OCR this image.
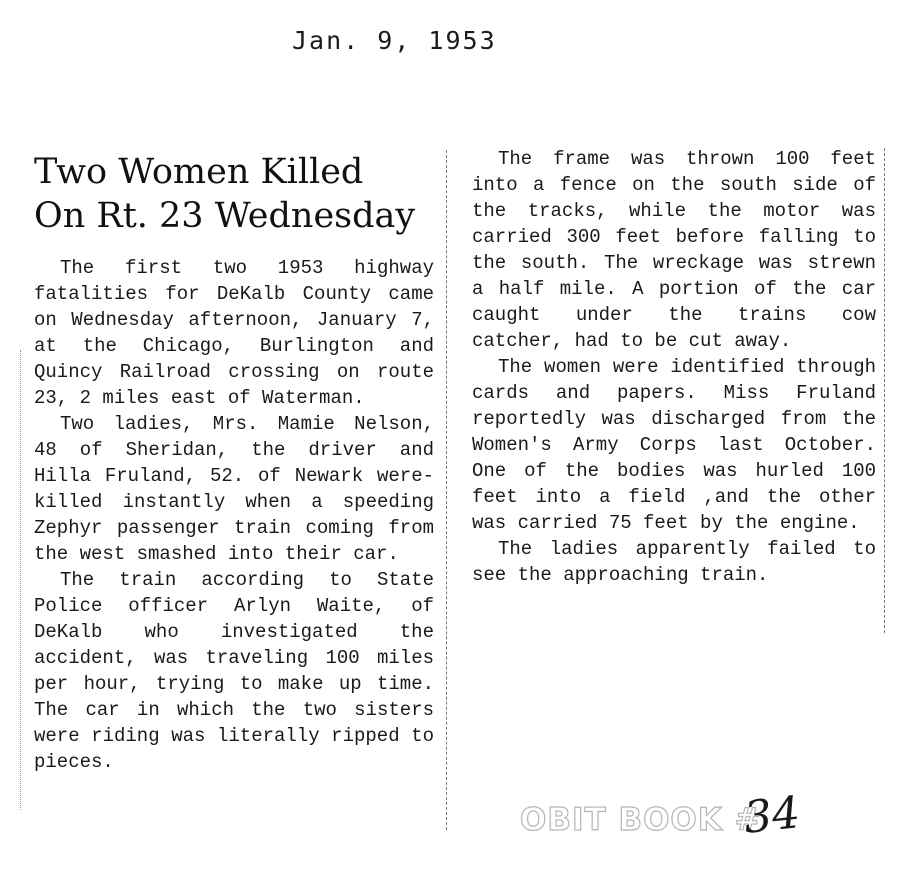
Jan. 9, 1953
Two Women Killed
On Rt. 23 Wednesday

The first two 1953 highway fatalities for DeKalb County came on Wednesday afternoon, January 7, at the Chicago, Burlington and Quincy Railroad crossing on route 23, 2 miles east of Waterman.

Two ladies, Mrs. Mamie Nelson, 48 of Sheridan, the driver and Hilla Fruland, 52. of Newark were- killed instantly when a speeding Zephyr passenger train coming from the west smashed into their car.

The train according to State Police officer Arlyn Waite, of DeKalb who investigated the accident, was traveling 100 miles per hour, trying to make up time. The car in which the two sisters were riding was literally ripped to pieces.

The frame was thrown 100 feet into a fence on the south side of the tracks, while the motor was carried 300 feet before falling to the south. The wreckage was strewn a half mile. A portion of the car caught under the trains cow catcher, had to be cut away.

The women were identified through cards and papers. Miss Fruland reportedly was discharged from the Women's Army Corps last October. One of the bodies was hurled 100 feet into a field ,and the other was carried 75 feet by the engine.

The ladies apparently failed to see the approaching train.

OBIT BOOK #
34
